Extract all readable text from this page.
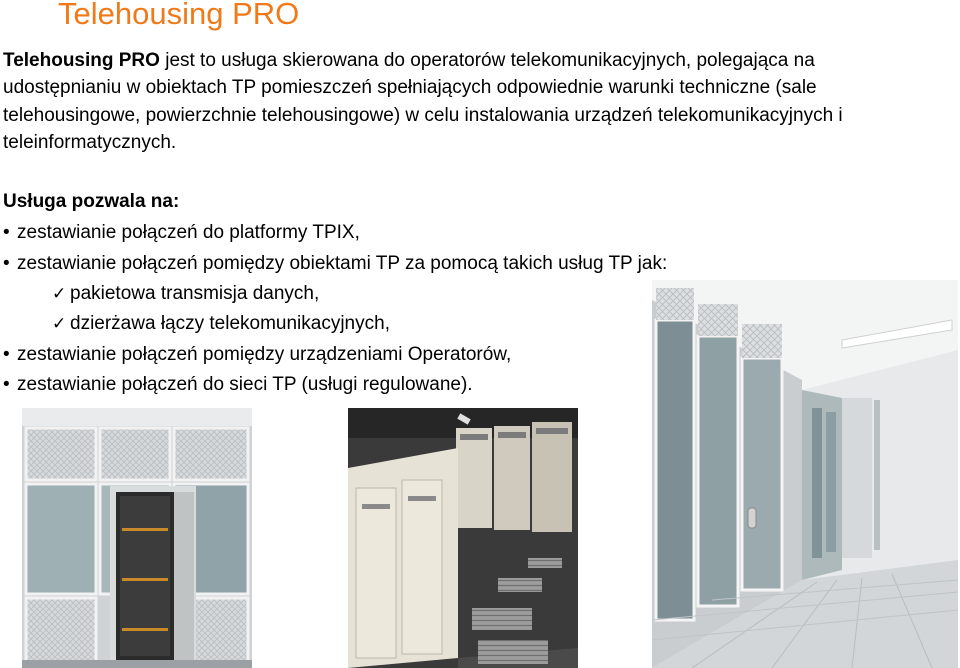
Telehousing PRO
Telehousing PRO jest to usługa skierowana do operatorów telekomunikacyjnych, polegająca na udostępnianiu w obiektach TP pomieszczeń spełniających odpowiednie warunki techniczne (sale telehousingowe, powierzchnie telehousingowe) w celu instalowania urządzeń telekomunikacyjnych i teleinformatycznych.
Usługa pozwala na:
• zestawianie połączeń do platformy TPIX,
• zestawianie połączeń pomiędzy obiektami TP za pomocą takich usług TP jak:
✓ pakietowa transmisja danych,
✓ dzierżawa łączy telekomunikacyjnych,
• zestawianie połączeń pomiędzy urządzeniami Operatorów,
• zestawianie połączeń do sieci TP (usługi regulowane).
